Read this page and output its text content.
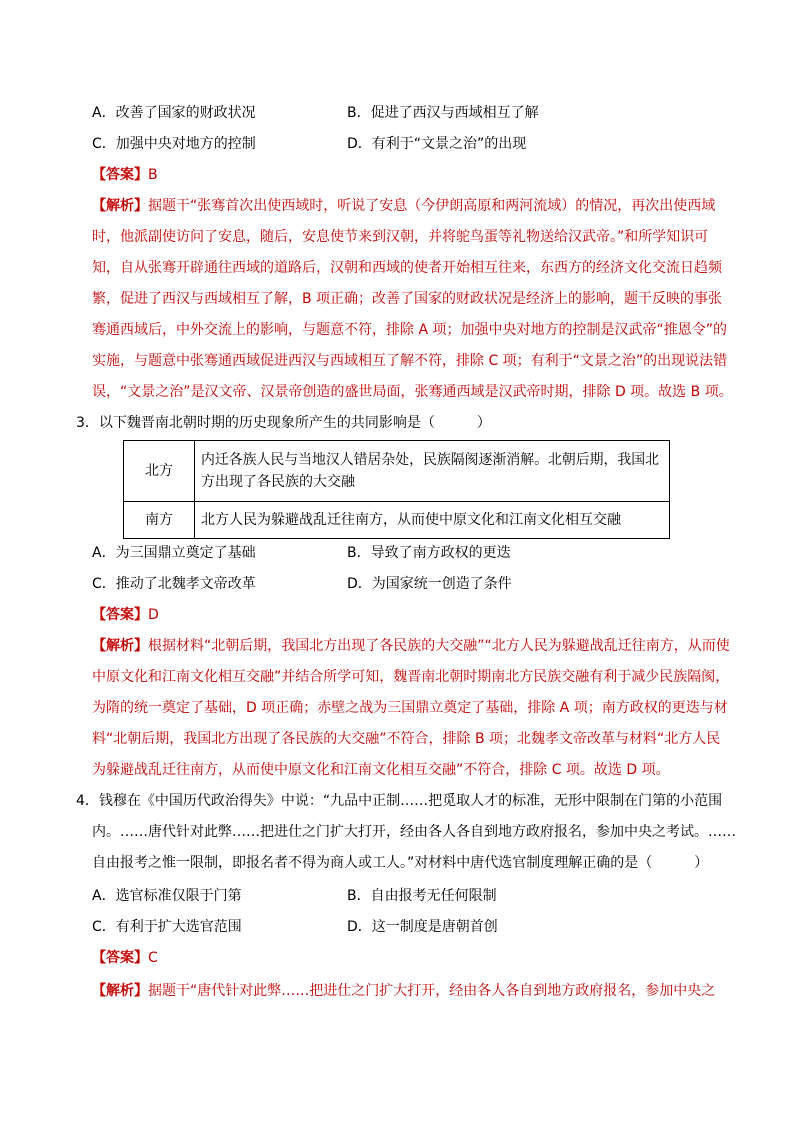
A．改善了国家的财政状况	B．促进了西汉与西域相互了解
C．加强中央对地方的控制	D．有利于“文景之治”的出现
【答案】B
【解析】据题干“张骞首次出使西域时，听说了安息（今伊朗高原和两河流域）的情况，再次出使西域
时，他派副使访问了安息，随后，安息使节来到汉朝，并将鸵鸟蛋等礼物送给汉武帝。”和所学知识可
知，自从张骞开辟通往西域的道路后，汉朝和西域的使者开始相互往来，东西方的经济文化交流日趋频
繁，促进了西汉与西域相互了解，B 项正确；改善了国家的财政状况是经济上的影响，题干反映的事张
骞通西域后，中外交流上的影响，与题意不符，排除 A 项；加强中央对地方的控制是汉武帝“推恩令”的
实施，与题意中张骞通西域促进西汉与西域相互了解不符，排除 C 项；有利于“文景之治”的出现说法错
误，“文景之治”是汉文帝、汉景帝创造的盛世局面，张骞通西域是汉武帝时期，排除 D 项。故选 B 项。
3．以下魏晋南北朝时期的历史现象所产生的共同影响是（　　　）
北方	内迁各族人民与当地汉人错居杂处，民族隔阂逐渐消解。北朝后期，我国北
方出现了各民族的大交融

南方	北方人民为躲避战乱迁往南方，从而使中原文化和江南文化相互交融
A．为三国鼎立奠定了基础	B．导致了南方政权的更迭
C．推动了北魏孝文帝改革	D．为国家统一创造了条件
【答案】D
【解析】根据材料“北朝后期，我国北方出现了各民族的大交融”“北方人民为躲避战乱迁往南方，从而使
中原文化和江南文化相互交融”并结合所学可知，魏晋南北朝时期南北方民族交融有利于减少民族隔阂，
为隋的统一奠定了基础，D 项正确；赤壁之战为三国鼎立奠定了基础，排除 A 项；南方政权的更迭与材
料“北朝后期，我国北方出现了各民族的大交融”不符合，排除 B 项；北魏孝文帝改革与材料“北方人民
为躲避战乱迁往南方，从而使中原文化和江南文化相互交融”不符合，排除 C 项。故选 D 项。
4．钱穆在《中国历代政治得失》中说：“九品中正制……把觅取人才的标准，无形中限制在门第的小范围
内。……唐代针对此弊……把进仕之门扩大打开，经由各人各自到地方政府报名，参加中央之考试。……
自由报考之惟一限制，即报名者不得为商人或工人。”对材料中唐代选官制度理解正确的是（　　　）
A．选官标准仅限于门第	B．自由报考无任何限制
C．有利于扩大选官范围	D．这一制度是唐朝首创
【答案】C
【解析】据题干“唐代针对此弊……把进仕之门扩大打开，经由各人各自到地方政府报名，参加中央之
